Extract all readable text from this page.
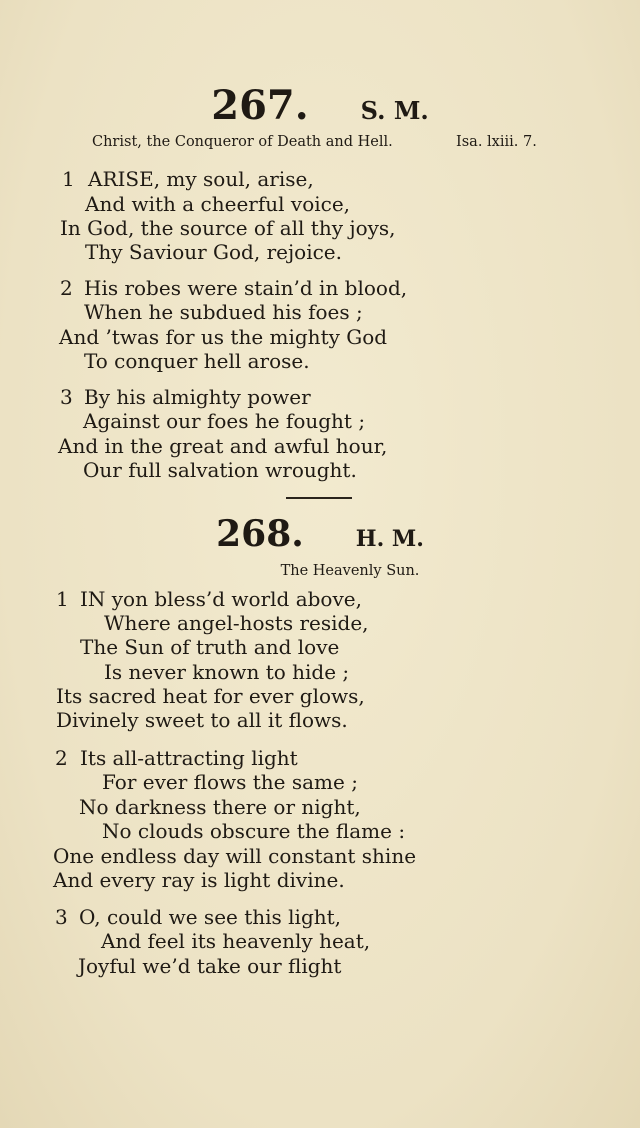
267. S. M.
Christ, the Conqueror of Death and Hell.	Isa. lxiii. 7.
1 ARISE, my soul, arise,
And with a cheerful voice,
In God, the source of all thy joys,
Thy Saviour God, rejoice.
2 His robes were stain’d in blood,
When he subdued his foes ;
And ’twas for us the mighty God
To conquer hell arose.
3 By his almighty power
Against our foes he fought ;
And in the great and awful hour,
Our full salvation wrought.
268. H. M.
The Heavenly Sun.
1 IN yon bless’d world above,
Where angel-hosts reside,
The Sun of truth and love
Is never known to hide ;
Its sacred heat for ever glows,
Divinely sweet to all it flows.
2 Its all-attracting light
For ever flows the same ;
No darkness there or night,
No clouds obscure the flame :
One endless day will constant shine
And every ray is light divine.
3 O, could we see this light,
And feel its heavenly heat,
Joyful we’d take our flight
